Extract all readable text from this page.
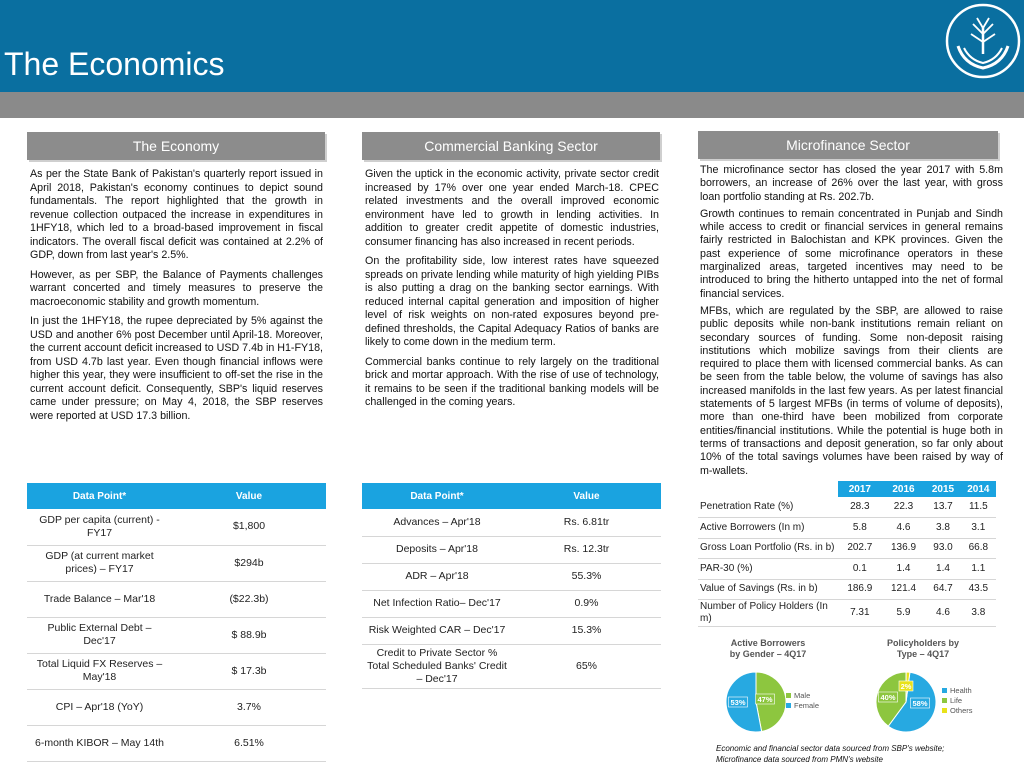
The Economics
The Economy	Commercial Banking Sector	Microfinance Sector

As per the State Bank of Pakistan's quarterly report issued in April 2018, Pakistan's economy continues to depict sound fundamentals. The report highlighted that the growth in revenue collection outpaced the increase in expenditures in 1HFY18, which led to a broad-based improvement in fiscal indicators. The overall fiscal deficit was contained at 2.2% of GDP, down from last year's 2.5%.

However, as per SBP, the Balance of Payments challenges warrant concerted and timely measures to preserve the macroeconomic stability and growth momentum.

In just the 1HFY18, the rupee depreciated by 5% against the USD and another 6% post December until April-18. Moreover, the current account deficit increased to USD 7.4b in H1-FY18, from USD 4.7b last year. Even though financial inflows were higher this year, they were insufficient to off-set the rise in the current account deficit. Consequently, SBP's liquid reserves came under pressure; on May 4, 2018, the SBP reserves were reported at USD 17.3 billion.

Given the uptick in the economic activity, private sector credit increased by 17% over one year ended March-18. CPEC related investments and the overall improved economic environment have led to growth in lending activities. In addition to greater credit appetite of domestic industries, consumer financing has also increased in recent periods.

On the profitability side, low interest rates have squeezed spreads on private lending while maturity of high yielding PIBs is also putting a drag on the banking sector earnings. With reduced internal capital generation and imposition of higher level of risk weights on non-rated exposures beyond pre-defined thresholds, the Capital Adequacy Ratios of banks are likely to come down in the medium term.

Commercial banks continue to rely largely on the traditional brick and mortar approach. With the rise of use of technology, it remains to be seen if the traditional banking models will be challenged in the coming years.

The microfinance sector has closed the year 2017 with 5.8m borrowers, an increase of 26% over the last year, with gross loan portfolio standing at Rs. 202.7b.

Growth continues to remain concentrated in Punjab and Sindh while access to credit or financial services in general remains fairly restricted in Balochistan and KPK provinces. Given the past experience of some microfinance operators in these marginalized areas, targeted incentives may need to be introduced to bring the hitherto untapped into the net of formal financial services.

MFBs, which are regulated by the SBP, are allowed to raise public deposits while non-bank institutions remain reliant on secondary sources of funding. Some non-deposit raising institutions which mobilize savings from their clients are required to place them with licensed commercial banks. As can be seen from the table below, the volume of savings has also increased manifolds in the last few years. As per latest financial statements of 5 largest MFBs (in terms of volume of deposits), more than one-third have been mobilized from corporate entities/financial institutions. While the potential is huge both in terms of transactions and deposit generation, so far only about 10% of the total savings volumes have been raised by way of m-wallets.

Data Point*	Value
GDP per capita (current) - FY17	$1,800
GDP (at current market prices) – FY17	$294b
Trade Balance – Mar'18	($22.3b)
Public External Debt – Dec'17	$ 88.9b
Total Liquid FX Reserves – May'18	$ 17.3b
CPI – Apr'18 (YoY)	3.7%
6-month KIBOR – May 14th	6.51%
Data Point*	Value
Advances – Apr'18	Rs. 6.81tr
Deposits – Apr'18	Rs. 12.3tr
ADR – Apr'18	55.3%
Net Infection Ratio– Dec'17	0.9%
Risk Weighted CAR – Dec'17	15.3%
Credit to Private Sector % Total Scheduled Banks' Credit – Dec'17	65%
	2017	2016	2015	2014
Penetration Rate (%)	28.3	22.3	13.7	11.5
Active Borrowers (In m)	5.8	4.6	3.8	3.1
Gross Loan Portfolio (Rs. in b)	202.7	136.9	93.0	66.8
PAR-30 (%)	0.1	1.4	1.4	1.1
Value of Savings (Rs. in b)	186.9	121.4	64.7	43.5
Number of Policy Holders (In m)	7.31	5.9	4.6	3.8
Active Borrowers
by Gender – 4Q17
Policyholders by
Type – 4Q17
47%
53%
Male
Female	58%
40%
2%	Health
Life
Others
Economic and financial sector data sourced from SBP's website;
Microfinance data sourced from PMN's website
